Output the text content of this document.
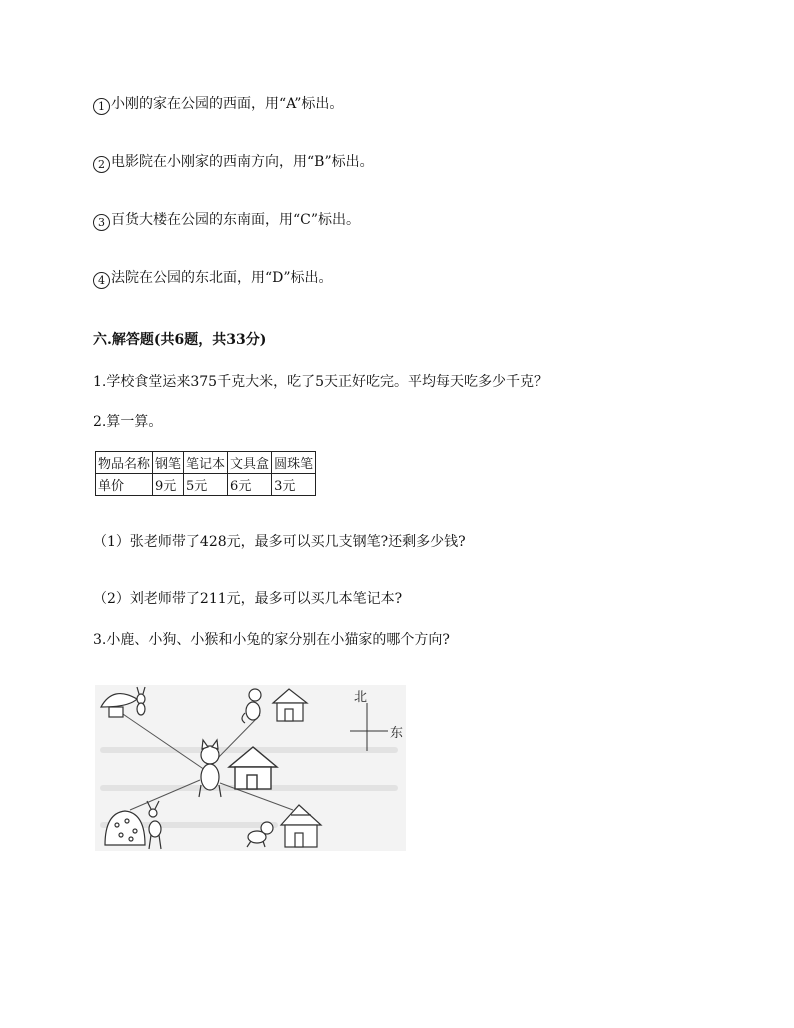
1 小刚的家在公园的西面，用“A”标出。
2 电影院在小刚家的西南方向，用“B”标出。
3 百货大楼在公园的东南面，用“C”标出。
4 法院在公园的东北面，用“D”标出。
六.解答题(共6题，共33分)
1.学校食堂运来375千克大米，吃了5天正好吃完。平均每天吃多少千克？
2.算一算。
物品名称	钢笔	笔记本	文具盒	圆珠笔
单价	9元	5元	6元	3元
（1）张老师带了428元，最多可以买几支钢笔?还剩多少钱?
（2）刘老师带了211元，最多可以买几本笔记本?
3.小鹿、小狗、小猴和小兔的家分别在小猫家的哪个方向?
北
东
